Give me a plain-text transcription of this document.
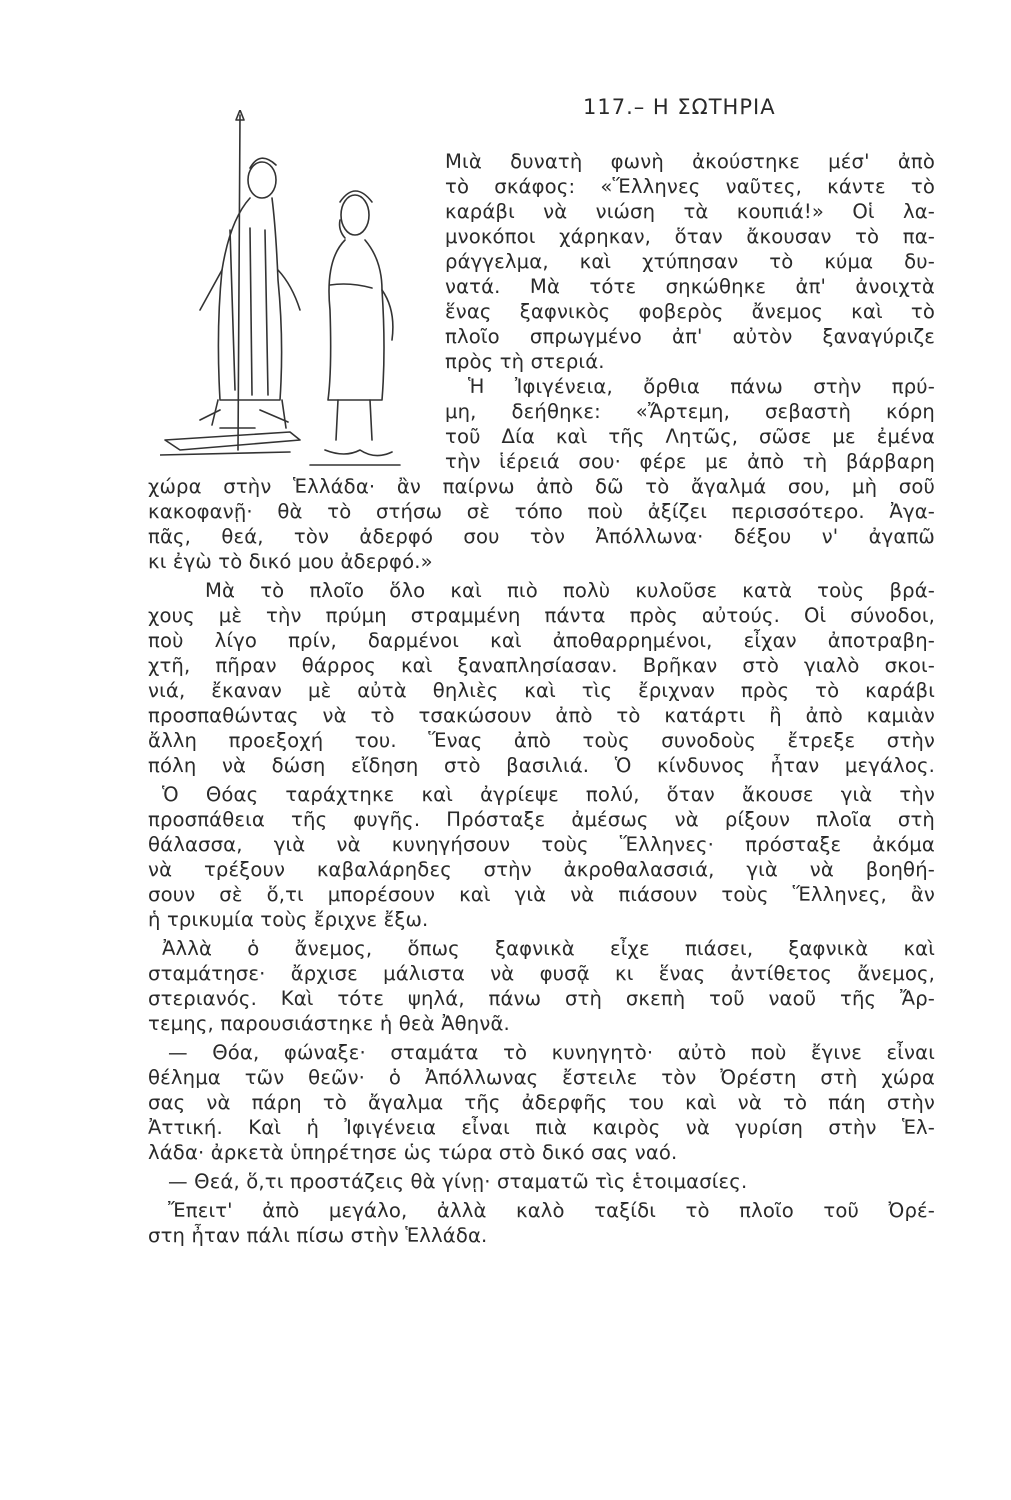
117.– Η ΣΩΤΗΡΙΑ

Μιὰ δυνατὴ φωνὴ ἀκούστηκε μέσ' ἀπὸ

τὸ σκάφος: «Ἕλληνες ναῦτες, κάντε τὸ

καράβι νὰ νιώση τὰ κουπιά!» Οἱ λα-

μνοκόποι χάρηκαν, ὅταν ἄκουσαν τὸ πα-

ράγγελμα, καὶ χτύπησαν τὸ κύμα δυ-

νατά. Μὰ τότε σηκώθηκε ἀπ' ἀνοιχτὰ

ἕνας ξαφνικὸς φοβερὸς ἄνεμος καὶ τὸ

πλοῖο σπρωγμένο ἀπ' αὐτὸν ξαναγύριζε

πρὸς τὴ στεριά.

Ἡ Ἰφιγένεια, ὄρθια πάνω στὴν πρύ-

μη, δεήθηκε: «Ἄρτεμη, σεβαστὴ κόρη

τοῦ Δία καὶ τῆς Λητῶς, σῶσε με ἐμένα

τὴν ἱέρειά σου· φέρε με ἀπὸ τὴ βάρβαρη

χώρα στὴν Ἑλλάδα· ἂν παίρνω ἀπὸ δῶ τὸ ἄγαλμά σου, μὴ σοῦ

κακοφανῇ· θὰ τὸ στήσω σὲ τόπο ποὺ ἀξίζει περισσότερο. Ἀγα-

πᾶς, θεά, τὸν ἀδερφό σου τὸν Ἀπόλλωνα· δέξου ν' ἀγαπῶ

κι ἐγὼ τὸ δικό μου ἀδερφό.»

Μὰ τὸ πλοῖο ὅλο καὶ πιὸ πολὺ κυλοῦσε κατὰ τοὺς βρά-

χους μὲ τὴν πρύμη στραμμένη πάντα πρὸς αὐτούς. Οἱ σύνοδοι,

ποὺ λίγο πρίν, δαρμένοι καὶ ἀποθαρρημένοι, εἶχαν ἀποτραβη-

χτῆ, πῆραν θάρρος καὶ ξαναπλησίασαν. Βρῆκαν στὸ γιαλὸ σκοι-

νιά, ἔκαναν μὲ αὐτὰ θηλιὲς καὶ τὶς ἔριχναν πρὸς τὸ καράβι

προσπαθώντας νὰ τὸ τσακώσουν ἀπὸ τὸ κατάρτι ἢ ἀπὸ καμιὰν

ἄλλη προεξοχή του. Ἕνας ἀπὸ τοὺς συνοδοὺς ἔτρεξε στὴν

πόλη νὰ δώση εἴδηση στὸ βασιλιά. Ὁ κίνδυνος ἦταν μεγάλος.

Ὁ Θόας ταράχτηκε καὶ ἀγρίεψε πολύ, ὅταν ἄκουσε γιὰ τὴν

προσπάθεια τῆς φυγῆς. Πρόσταξε ἀμέσως νὰ ρίξουν πλοῖα στὴ

θάλασσα, γιὰ νὰ κυνηγήσουν τοὺς Ἕλληνες· πρόσταξε ἀκόμα

νὰ τρέξουν καβαλάρηδες στὴν ἀκροθαλασσιά, γιὰ νὰ βοηθή-

σουν σὲ ὅ,τι μπορέσουν καὶ γιὰ νὰ πιάσουν τοὺς Ἕλληνες, ἂν

ἡ τρικυμία τοὺς ἔριχνε ἔξω.

Ἀλλὰ ὁ ἄνεμος, ὅπως ξαφνικὰ εἶχε πιάσει, ξαφνικὰ καὶ

σταμάτησε· ἄρχισε μάλιστα νὰ φυσᾷ κι ἕνας ἀντίθετος ἄνεμος,

στεριανός. Καὶ τότε ψηλά, πάνω στὴ σκεπὴ τοῦ ναοῦ τῆς Ἄρ-

τεμης, παρουσιάστηκε ἡ θεὰ Ἀθηνᾶ.

— Θόα, φώναξε· σταμάτα τὸ κυνηγητὸ· αὐτὸ ποὺ ἔγινε εἶναι

θέλημα τῶν θεῶν· ὁ Ἀπόλλωνας ἔστειλε τὸν Ὀρέστη στὴ χώρα

σας νὰ πάρη τὸ ἄγαλμα τῆς ἀδερφῆς του καὶ νὰ τὸ πάη στὴν

Ἀττική. Καὶ ἡ Ἰφιγένεια εἶναι πιὰ καιρὸς νὰ γυρίση στὴν Ἑλ-

λάδα· ἀρκετὰ ὑπηρέτησε ὡς τώρα στὸ δικό σας ναό.

— Θεά, ὅ,τι προστάζεις θὰ γίνῃ· σταματῶ τὶς ἑτοιμασίες.

Ἔπειτ' ἀπὸ μεγάλο, ἀλλὰ καλὸ ταξίδι τὸ πλοῖο τοῦ Ὀρέ-

στη ἦταν πάλι πίσω στὴν Ἑλλάδα.
